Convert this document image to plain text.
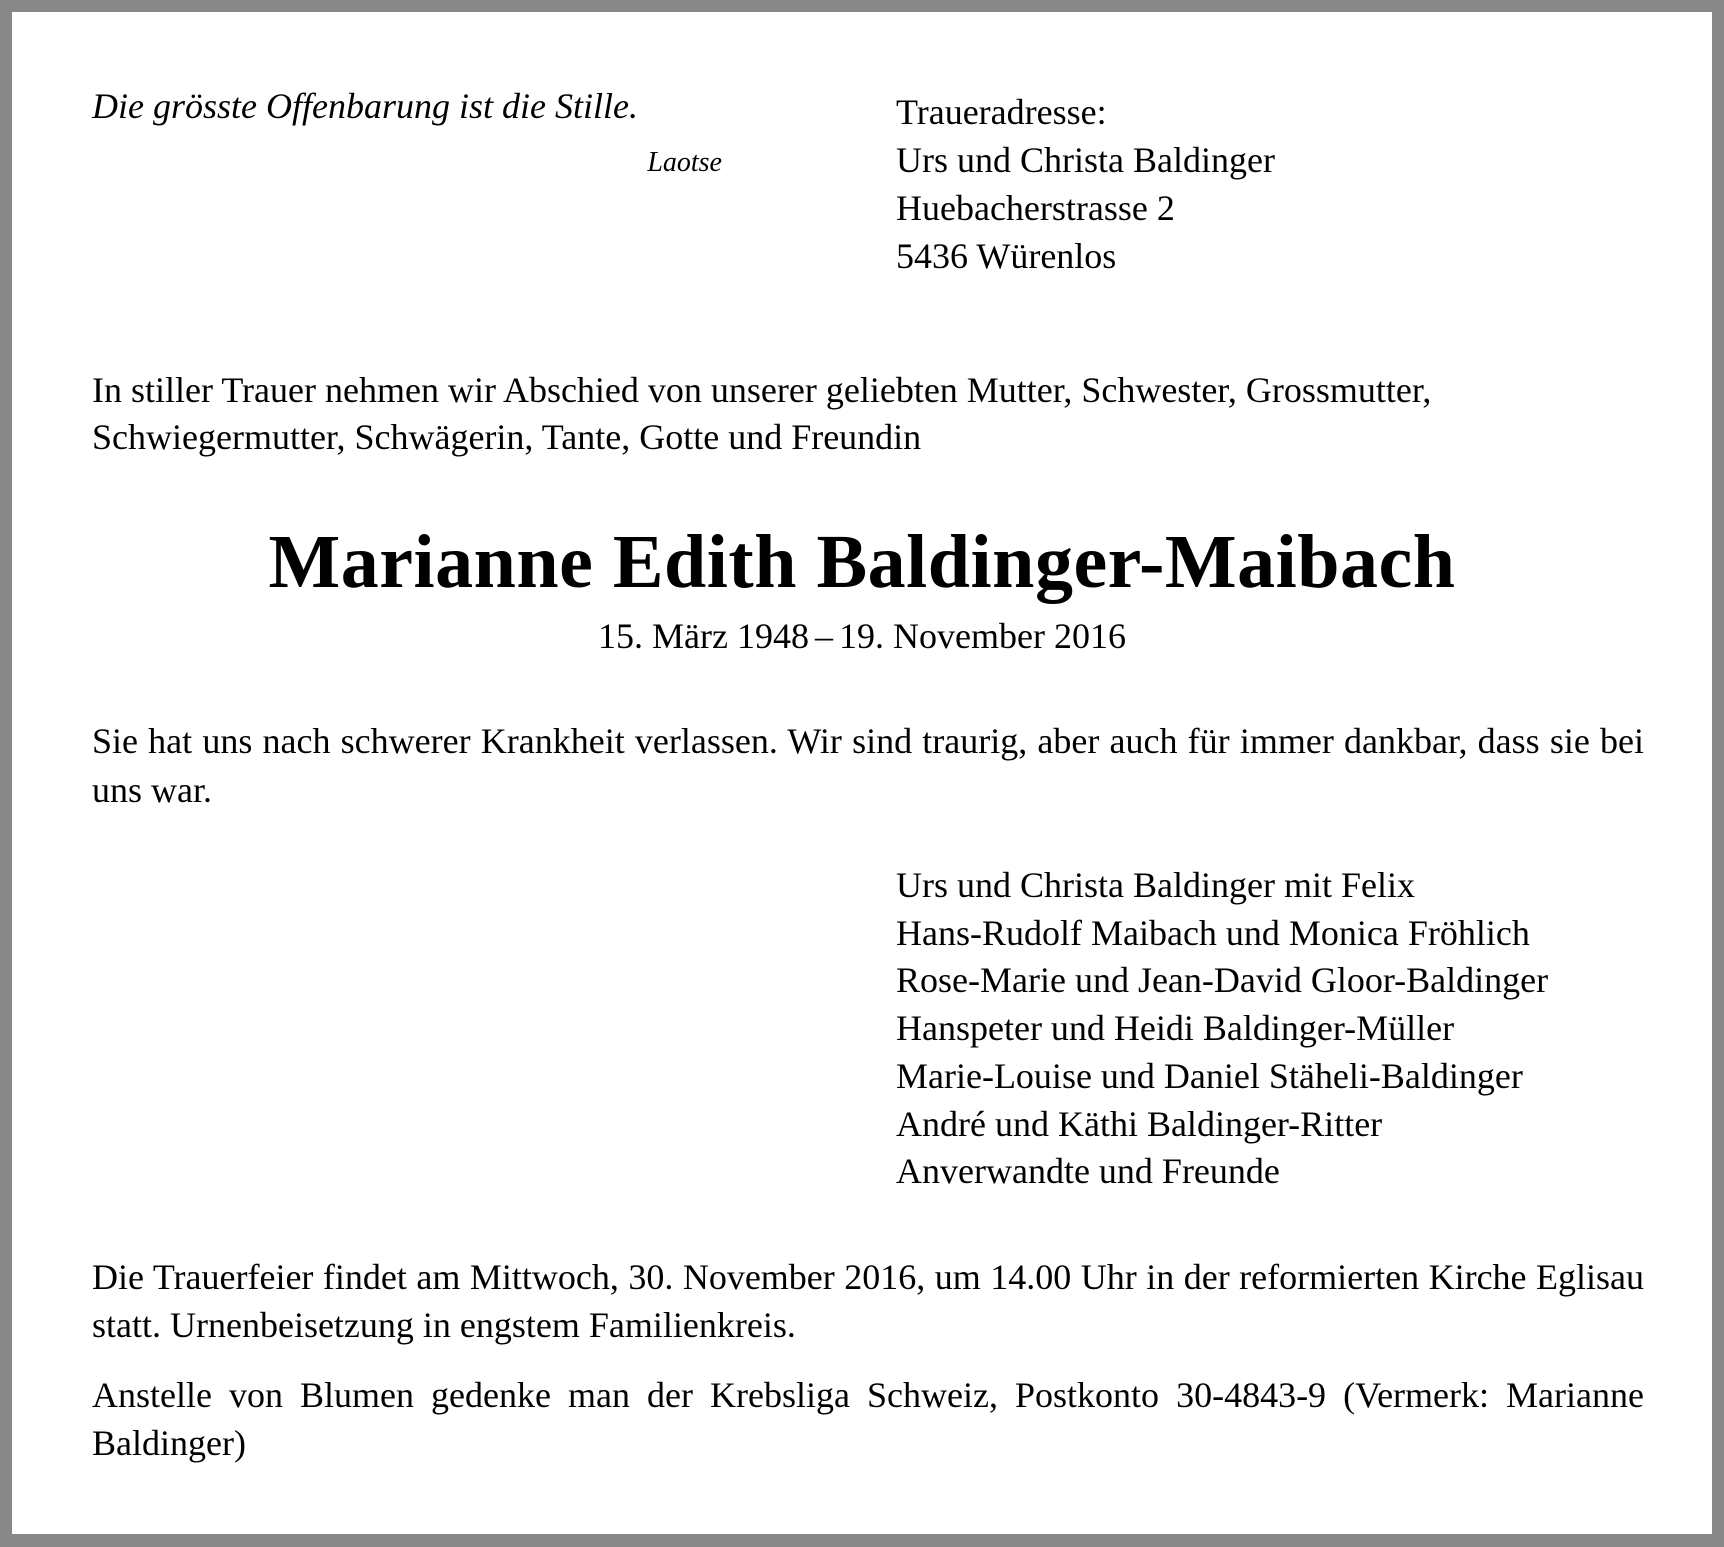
Die grösste Offenbarung ist die Stille.

Laotse

Traueradresse:
Urs und Christa Baldinger
Huebacherstrasse 2
5436 Würenlos

In stiller Trauer nehmen wir Abschied von unserer geliebten Mutter, Schwester, Grossmutter, Schwiegermutter, Schwägerin, Tante, Gotte und Freundin

Marianne Edith Baldinger-Maibach

15. März 1948 – 19. November 2016

Sie hat uns nach schwerer Krankheit verlassen. Wir sind traurig, aber auch für immer dankbar, dass sie bei uns war.

Urs und Christa Baldinger mit Felix
Hans-Rudolf Maibach und Monica Fröhlich
Rose-Marie und Jean-David Gloor-Baldinger
Hanspeter und Heidi Baldinger-Müller
Marie-Louise und Daniel Stäheli-Baldinger
André und Käthi Baldinger-Ritter
Anverwandte und Freunde

Die Trauerfeier findet am Mittwoch, 30. November 2016, um 14.00 Uhr in der reformierten Kirche Eglisau statt. Urnenbeisetzung in engstem Familienkreis.

Anstelle von Blumen gedenke man der Krebsliga Schweiz, Postkonto 30-4843-9 (Vermerk: Marianne Baldinger)
